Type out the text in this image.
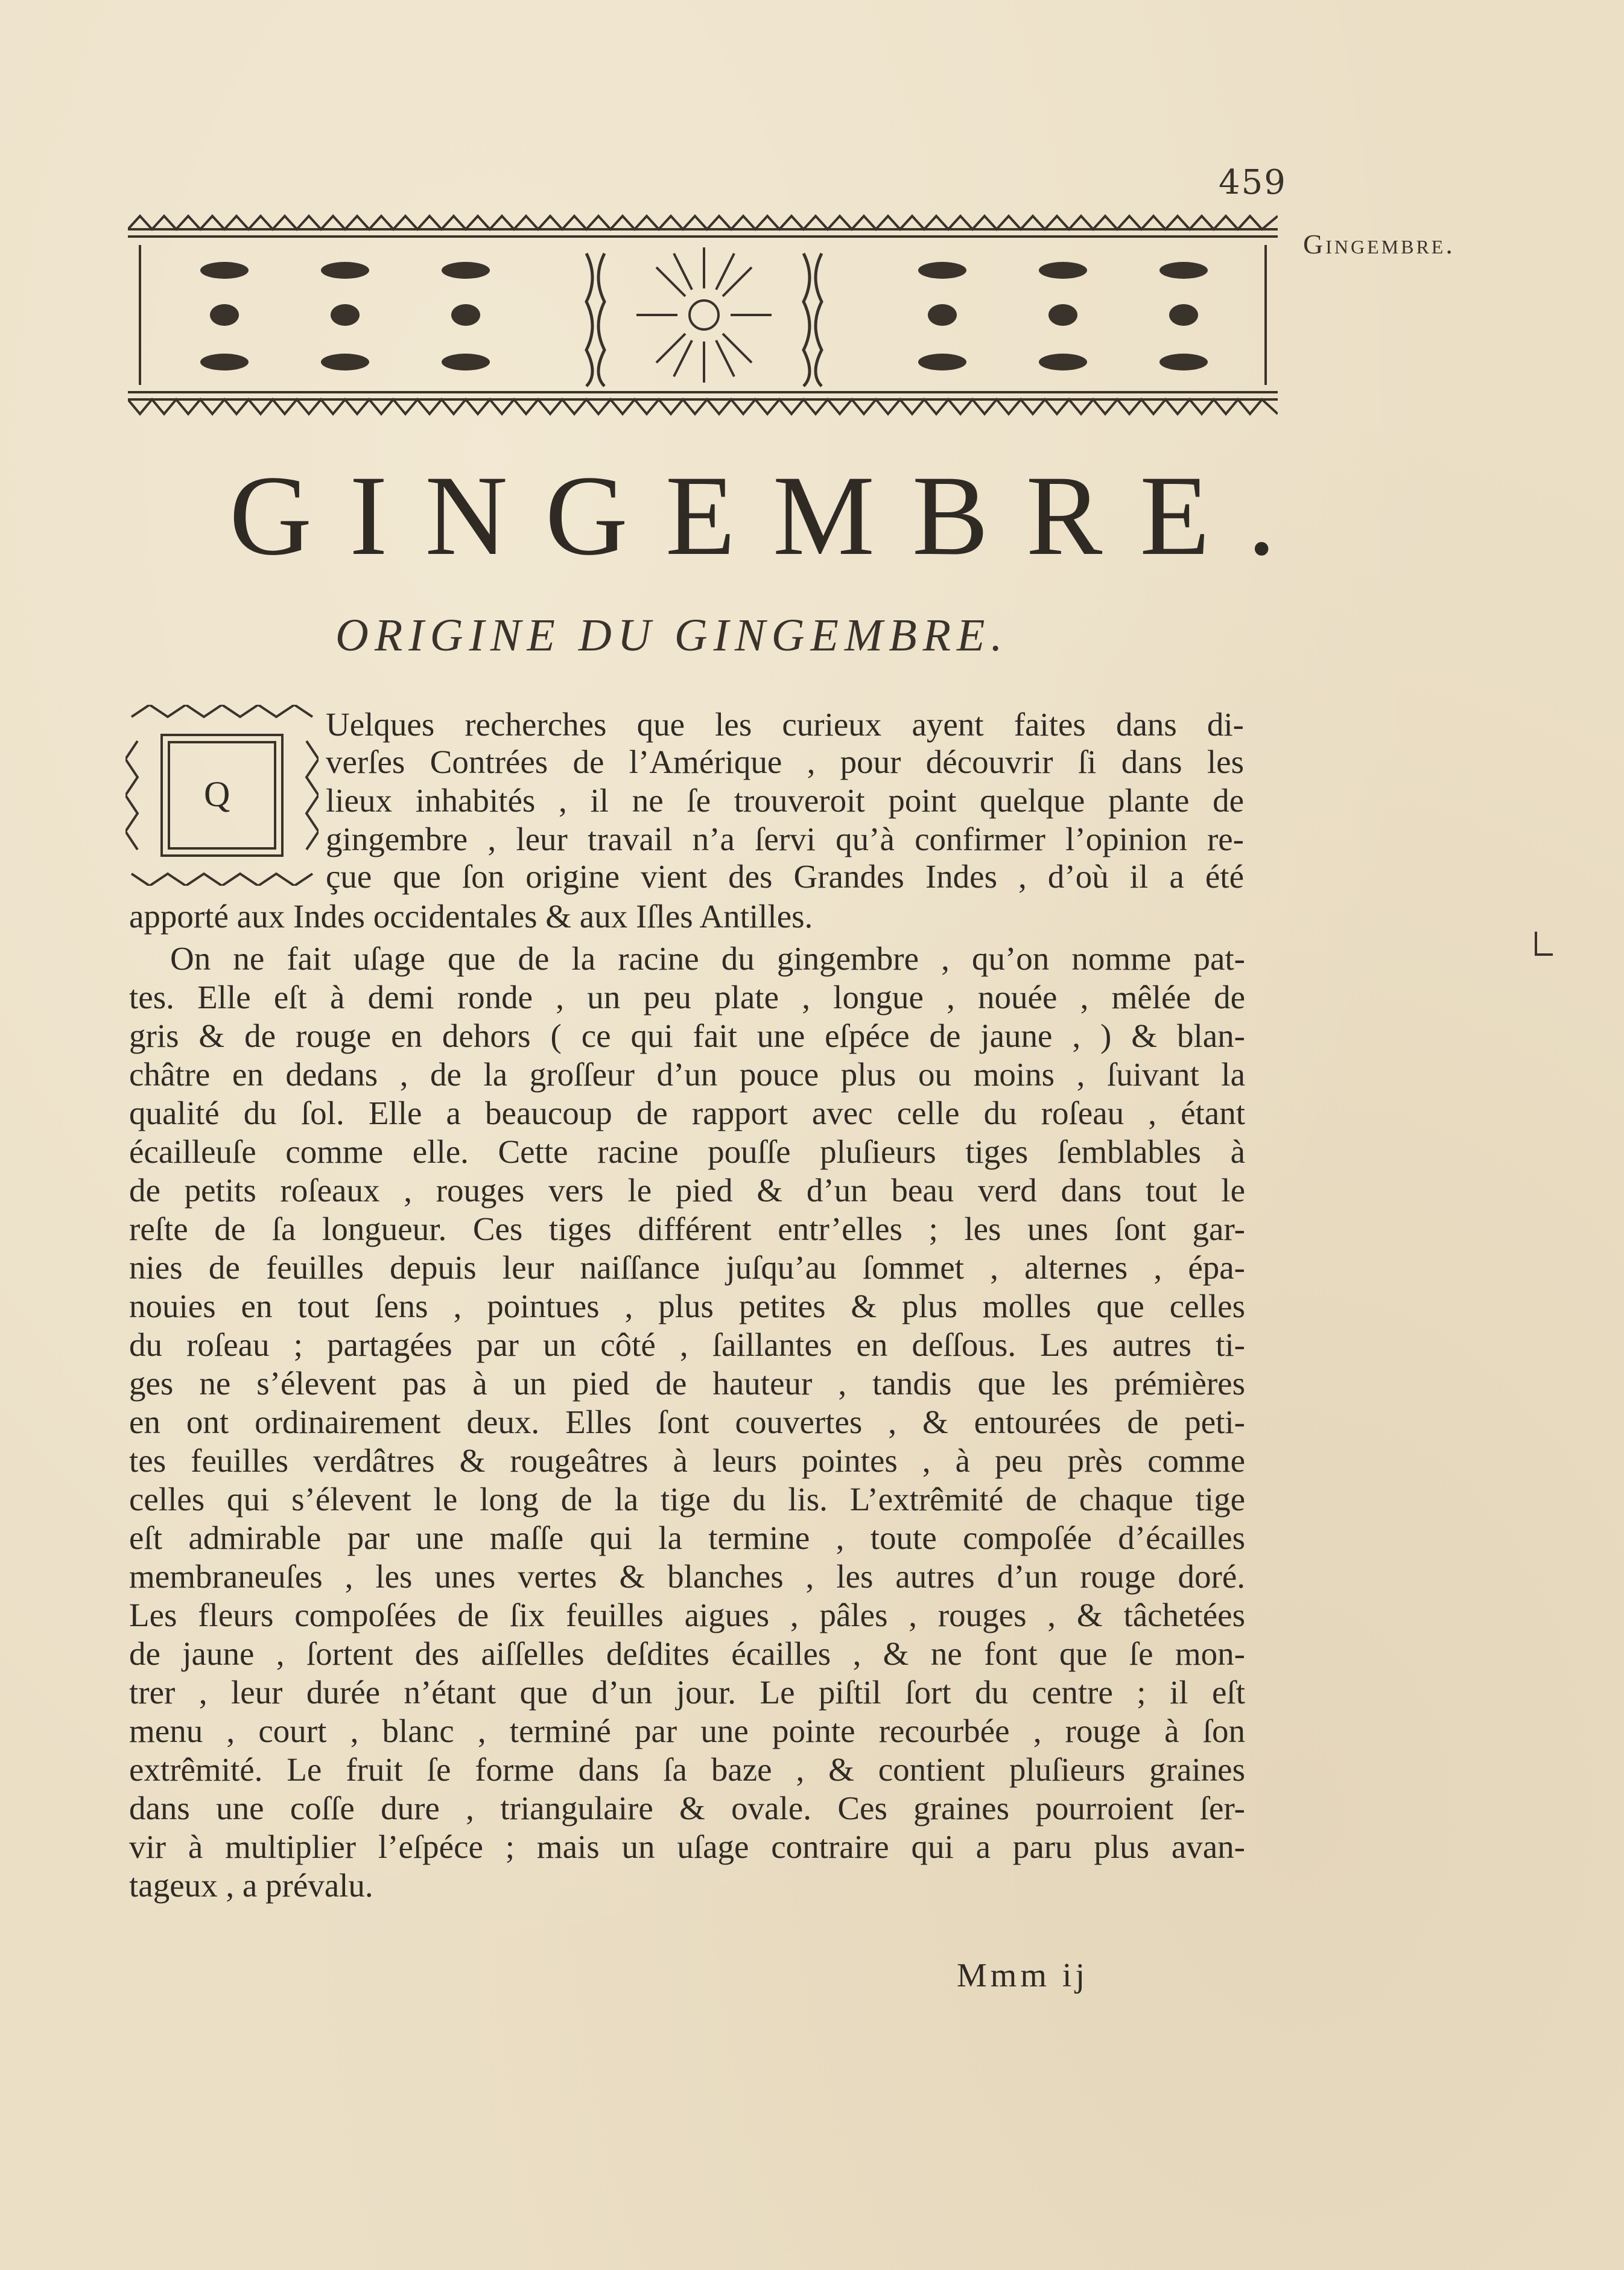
459
Gingembre.
GINGEMBRE.
ORIGINE DU GINGEMBRE.
Q
Uelques recherches que les curieux ayent faites dans di-
verſes Contrées de l’Amérique , pour découvrir ſi dans les
lieux inhabités , il ne ſe trouveroit point quelque plante de
gingembre , leur travail n’a ſervi qu’à confirmer l’opinion re-
çue que ſon origine vient des Grandes Indes , d’où il a été
apporté aux Indes occidentales & aux Iſles Antilles.
On ne fait uſage que de la racine du gingembre , qu’on nomme pat-
tes. Elle eſt à demi ronde , un peu plate , longue , nouée , mêlée de
gris & de rouge en dehors ( ce qui fait une eſpéce de jaune , ) & blan-
châtre en dedans , de la groſſeur d’un pouce plus ou moins , ſuivant la
qualité du ſol. Elle a beaucoup de rapport avec celle du roſeau , étant
écailleuſe comme elle. Cette racine pouſſe pluſieurs tiges ſemblables à
de petits roſeaux , rouges vers le pied & d’un beau verd dans tout le
reſte de ſa longueur. Ces tiges différent entr’elles ; les unes ſont gar-
nies de feuilles depuis leur naiſſance juſqu’au ſommet , alternes , épa-
nouies en tout ſens , pointues , plus petites & plus molles que celles
du roſeau ; partagées par un côté , ſaillantes en deſſous. Les autres ti-
ges ne s’élevent pas à un pied de hauteur , tandis que les prémières
en ont ordinairement deux. Elles ſont couvertes , & entourées de peti-
tes feuilles verdâtres & rougeâtres à leurs pointes , à peu près comme
celles qui s’élevent le long de la tige du lis. L’extrêmité de chaque tige
eſt admirable par une maſſe qui la termine , toute compoſée d’écailles
membraneuſes , les unes vertes & blanches , les autres d’un rouge doré.
Les fleurs compoſées de ſix feuilles aigues , pâles , rouges , & tâchetées
de jaune , ſortent des aiſſelles deſdites écailles , & ne font que ſe mon-
trer , leur durée n’étant que d’un jour. Le piſtil ſort du centre ; il eſt
menu , court , blanc , terminé par une pointe recourbée , rouge à ſon
extrêmité. Le fruit ſe forme dans ſa baze , & contient pluſieurs graines
dans une coſſe dure , triangulaire & ovale. Ces graines pourroient ſer-
vir à multiplier l’eſpéce ; mais un uſage contraire qui a paru plus avan-
tageux , a prévalu.
Mmm ij
